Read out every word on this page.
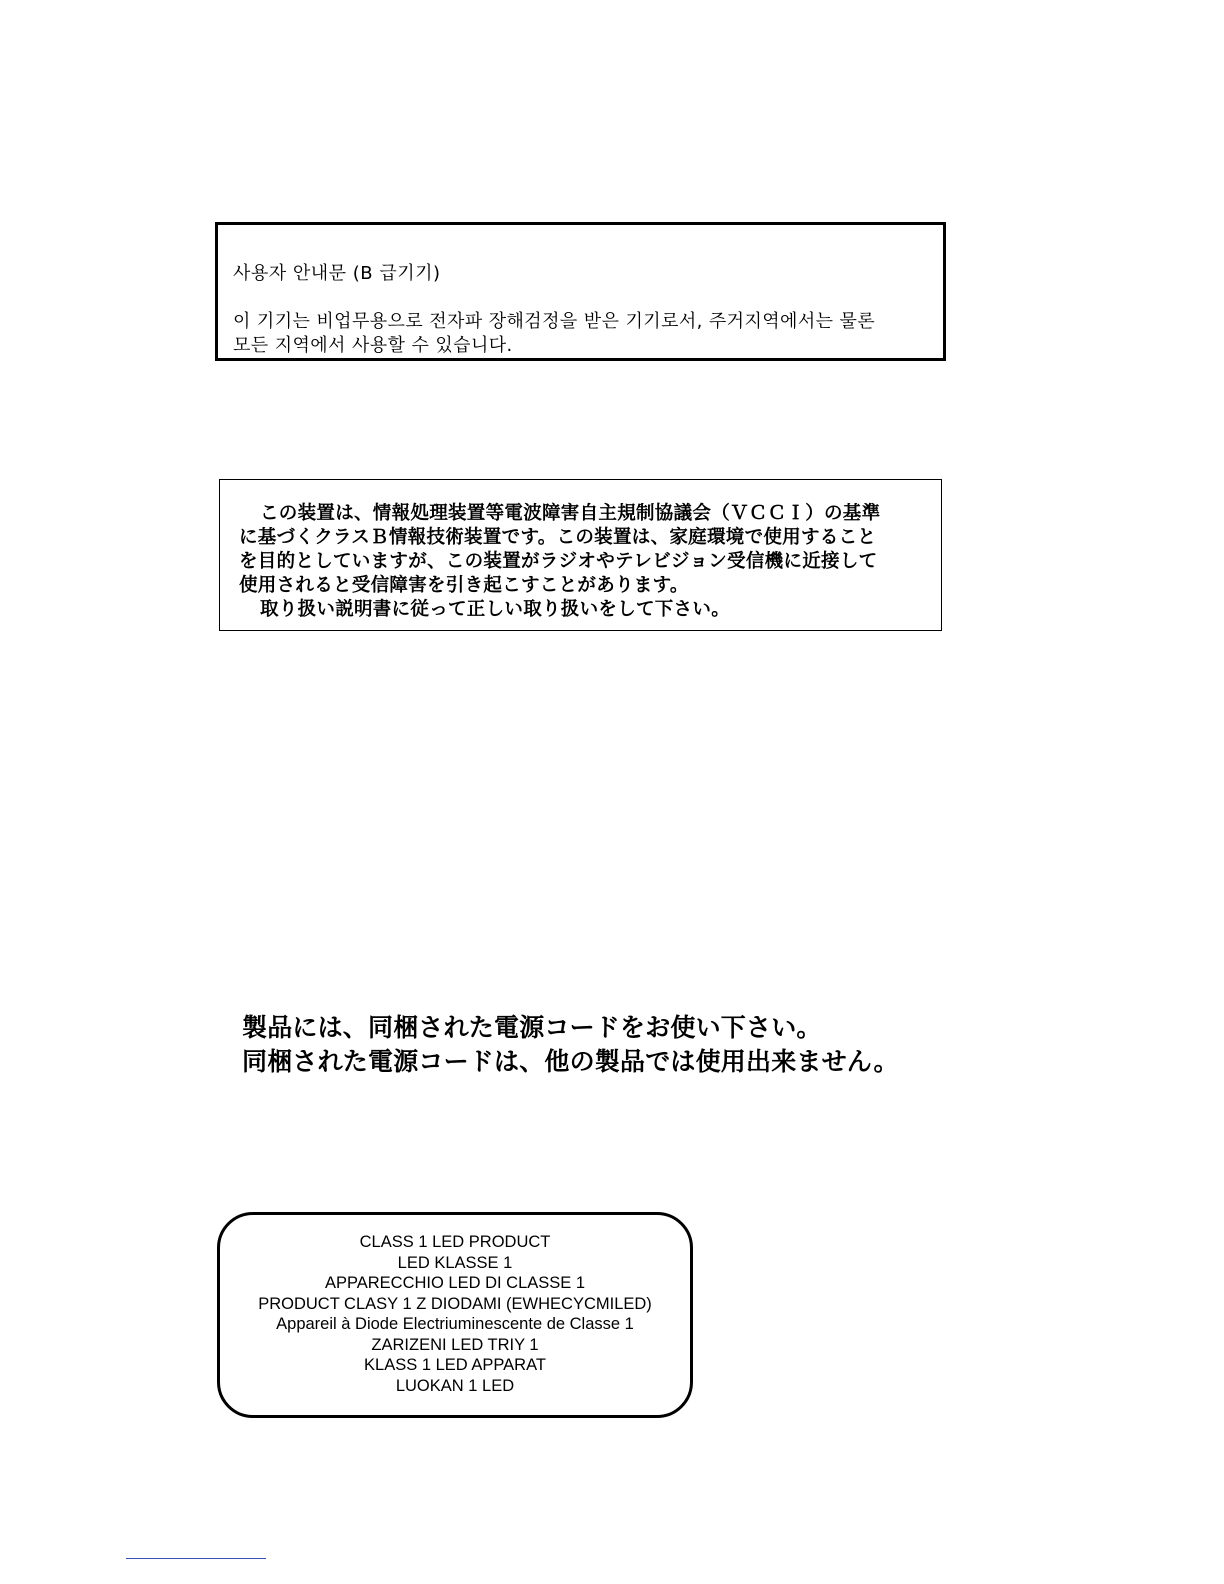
사용자 안내문 (B 급기기)
이 기기는 비업무용으로 전자파 장해검정을 받은 기기로서, 주거지역에서는 물론
모든 지역에서 사용할 수 있습니다.
この装置は、情報処理装置等電波障害自主規制協議会（ＶＣＣＩ）の基準
に基づくクラスＢ情報技術装置です。この装置は、家庭環境で使用すること
を目的としていますが、この装置がラジオやテレビジョン受信機に近接して
使用されると受信障害を引き起こすことがあります。
取り扱い説明書に従って正しい取り扱いをして下さい。
製品には、同梱された電源コードをお使い下さい。
同梱された電源コードは、他の製品では使用出来ません。
CLASS 1 LED PRODUCT
LED KLASSE 1
APPARECCHIO LED DI CLASSE 1
PRODUCT CLASY 1 Z DIODAMI (EWHECYCMILED)
Appareil à Diode Electriuminescente de Classe 1
ZARIZENI LED TRIY 1
KLASS 1 LED APPARAT
LUOKAN 1 LED
